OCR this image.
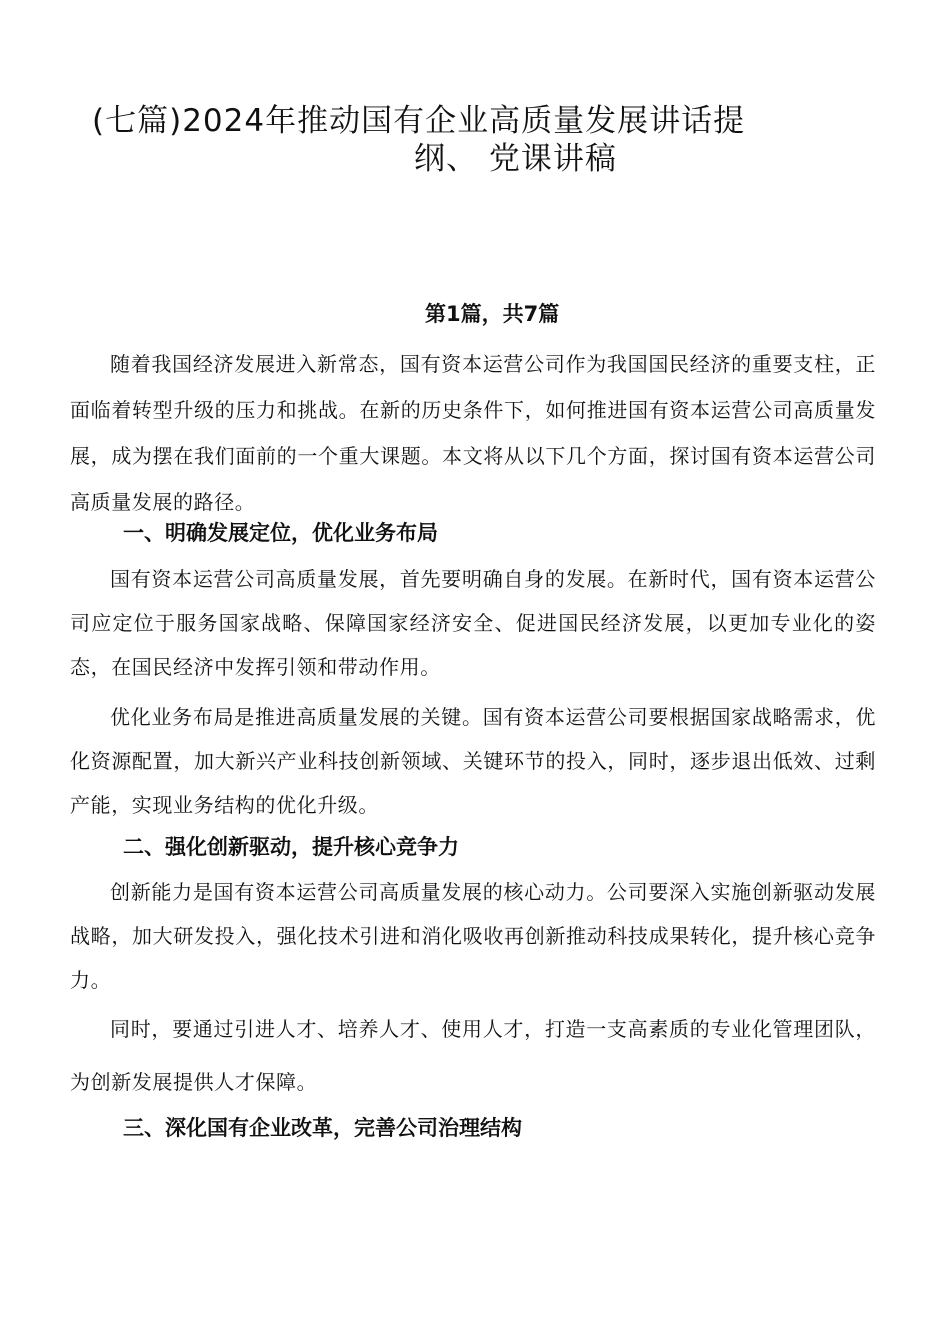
(七篇)2024年推动国有企业高质量发展讲话提
纲、 党课讲稿
第1篇，共7篇

随着我国经济发展进入新常态，国有资本运营公司作为我国国民经济的重要支柱，正面临着转型升级的压力和挑战。在新的历史条件下，如何推进国有资本运营公司高质量发展，成为摆在我们面前的一个重大课题。本文将从以下几个方面，探讨国有资本运营公司高质量发展的路径。

一、明确发展定位，优化业务布局

国有资本运营公司高质量发展，首先要明确自身的发展。在新时代，国有资本运营公司应定位于服务国家战略、保障国家经济安全、促进国民经济发展，以更加专业化的姿态，在国民经济中发挥引领和带动作用。

优化业务布局是推进高质量发展的关键。国有资本运营公司要根据国家战略需求，优化资源配置，加大新兴产业科技创新领域、关键环节的投入，同时，逐步退出低效、过剩产能，实现业务结构的优化升级。

二、强化创新驱动，提升核心竞争力

创新能力是国有资本运营公司高质量发展的核心动力。公司要深入实施创新驱动发展战略，加大研发投入，强化技术引进和消化吸收再创新推动科技成果转化，提升核心竞争力。

同时，要通过引进人才、培养人才、使用人才，打造一支高素质的专业化管理团队，为创新发展提供人才保障。

三、深化国有企业改革，完善公司治理结构
